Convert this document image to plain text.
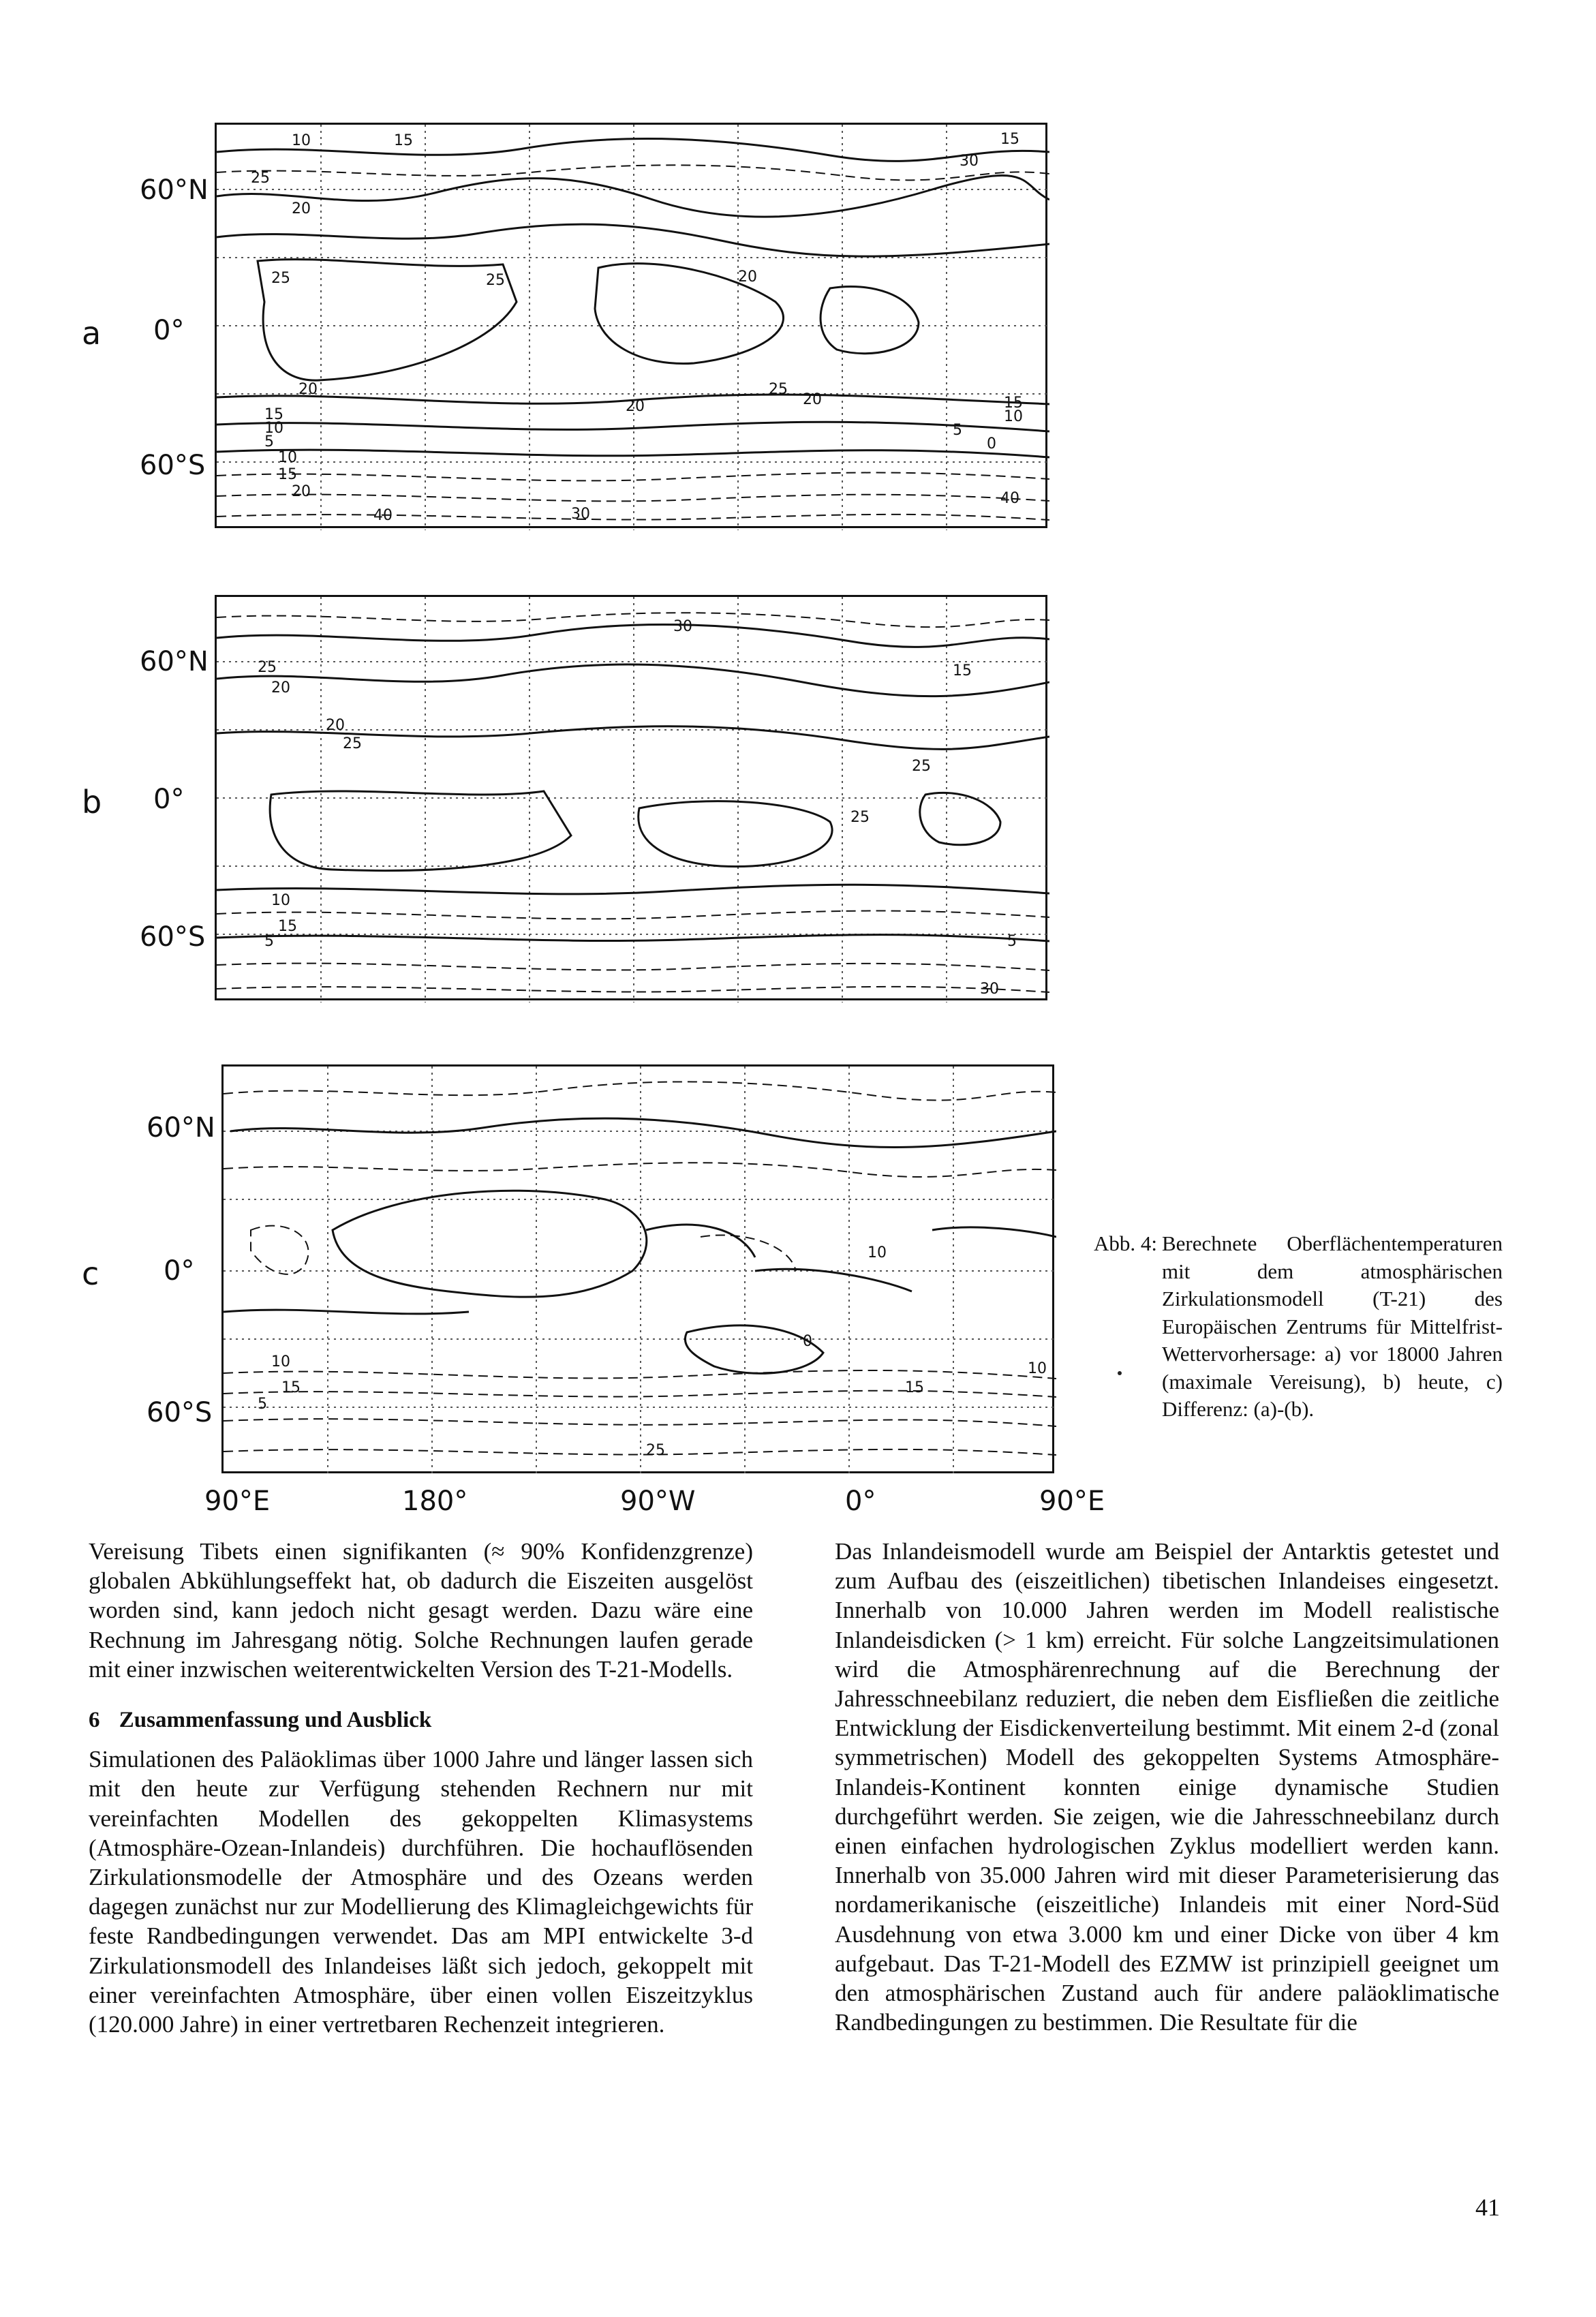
a
60°N
0°
60°S
10	15
25
20
25	20
30
15
25
20
20
25
20
15
10
5
10
15
20
40	30
40
0
15
10
5
b
60°N
0°
60°S
25
20
20
25
30
25
15
25
10
15
5	5
30
c
60°N
0°
60°S
10
10
15
5
15
10
25
0
90°E	180°	90°W	0°	90°E
Abb. 4: Berechnete Oberflächentemperaturen mit dem atmosphärischen Zirkulationsmodell (T-21) des Europäischen Zentrums für Mittelfrist-Wettervorhersage: a) vor 18000 Jahren (maximale Vereisung), b) heute, c) Differenz: (a)-(b).

Vereisung Tibets einen signifikanten (≈ 90% Konfidenzgrenze) globalen Abkühlungseffekt hat, ob dadurch die Eiszeiten ausgelöst worden sind, kann jedoch nicht gesagt werden. Dazu wäre eine Rechnung im Jahresgang nötig. Solche Rechnungen laufen gerade mit einer inzwischen weiterentwickelten Version des T-21-Modells.

6 Zusammenfassung und Ausblick

Simulationen des Paläoklimas über 1000 Jahre und länger lassen sich mit den heute zur Verfügung stehenden Rechnern nur mit vereinfachten Modellen des gekoppelten Klimasystems (Atmosphäre-Ozean-Inlandeis) durchführen. Die hochauflösenden Zirkulationsmodelle der Atmosphäre und des Ozeans werden dagegen zunächst nur zur Modellierung des Klimagleichgewichts für feste Randbedingungen verwendet. Das am MPI entwickelte 3-d Zirkulationsmodell des Inlandeises läßt sich jedoch, gekoppelt mit einer vereinfachten Atmosphäre, über einen vollen Eiszeitzyklus (120.000 Jahre) in einer vertretbaren Rechenzeit integrieren.

Das Inlandeismodell wurde am Beispiel der Antarktis getestet und zum Aufbau des (eiszeitlichen) tibetischen Inlandeises eingesetzt. Innerhalb von 10.000 Jahren werden im Modell realistische Inlandeisdicken (> 1 km) erreicht. Für solche Langzeitsimulationen wird die Atmosphärenrechnung auf die Berechnung der Jahresschneebilanz reduziert, die neben dem Eisfließen die zeitliche Entwicklung der Eisdickenverteilung bestimmt. Mit einem 2-d (zonal symmetrischen) Modell des gekoppelten Systems Atmosphäre-Inlandeis-Kontinent konnten einige dynamische Studien durchgeführt werden. Sie zeigen, wie die Jahresschneebilanz durch einen einfachen hydrologischen Zyklus modelliert werden kann. Innerhalb von 35.000 Jahren wird mit dieser Parameterisierung das nordamerikanische (eiszeitliche) Inlandeis mit einer Nord-Süd Ausdehnung von etwa 3.000 km und einer Dicke von über 4 km aufgebaut. Das T-21-Modell des EZMW ist prinzipiell geeignet um den atmosphärischen Zustand auch für andere paläoklimatische Randbedingungen zu bestimmen. Die Resultate für die

41
